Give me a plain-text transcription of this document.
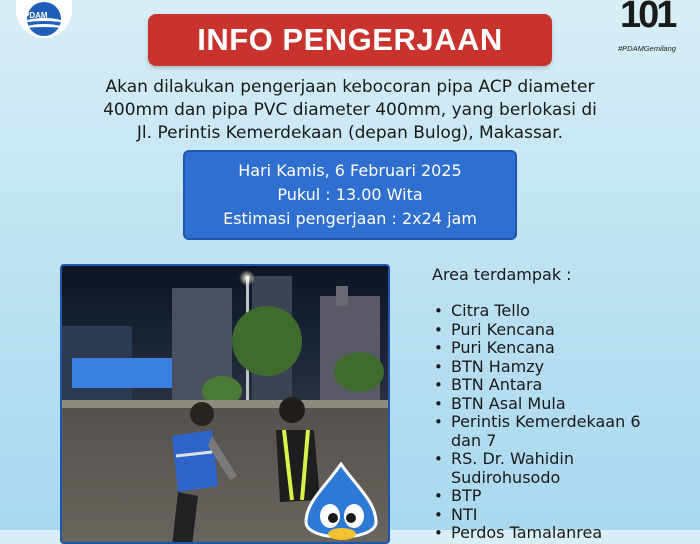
PDAM	101
#PDAMGemilang
INFO PENGERJAAN
Akan dilakukan pengerjaan kebocoran pipa ACP diameter
400mm dan pipa PVC diameter 400mm, yang berlokasi di
Jl. Perintis Kemerdekaan (depan Bulog), Makassar.
Hari Kamis, 6 Februari 2025
Pukul : 13.00 Wita
Estimasi pengerjaan : 2x24 jam
Area terdampak :
• Citra Tello
• Puri Kencana
• Puri Kencana
• BTN Hamzy
• BTN Antara
• BTN Asal Mula
• Perintis Kemerdekaan 6 dan 7
• RS. Dr. Wahidin Sudirohusodo
• BTP
• NTI
• Perdos Tamalanrea
